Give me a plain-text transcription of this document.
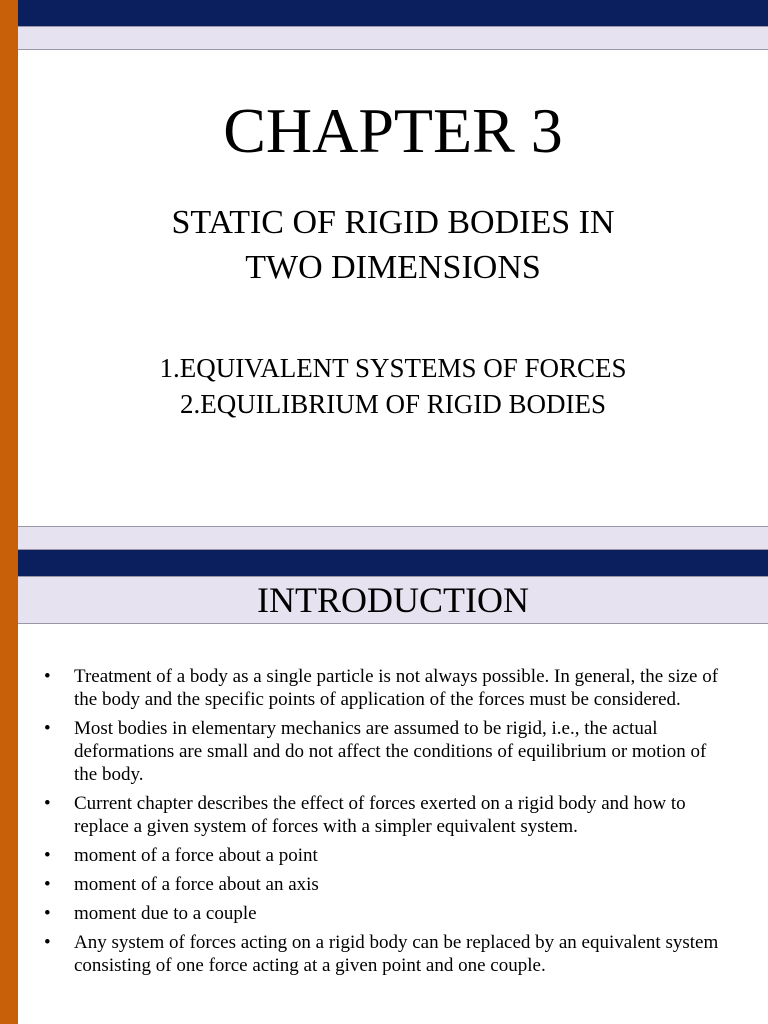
CHAPTER 3
STATIC OF RIGID BODIES IN
TWO DIMENSIONS
1.EQUIVALENT SYSTEMS OF FORCES
2.EQUILIBRIUM OF RIGID BODIES
INTRODUCTION
• Treatment of a body as a single particle is not always possible. In general, the size of the body and the specific points of application of the forces must be considered.
• Most bodies in elementary mechanics are assumed to be rigid, i.e., the actual deformations are small and do not affect the conditions of equilibrium or motion of the body.
• Current chapter describes the effect of forces exerted on a rigid body and how to replace a given system of forces with a simpler equivalent system.
• moment of a force about a point
• moment of a force about an axis
• moment due to a couple
• Any system of forces acting on a rigid body can be replaced by an equivalent system consisting of one force acting at a given point and one couple.
